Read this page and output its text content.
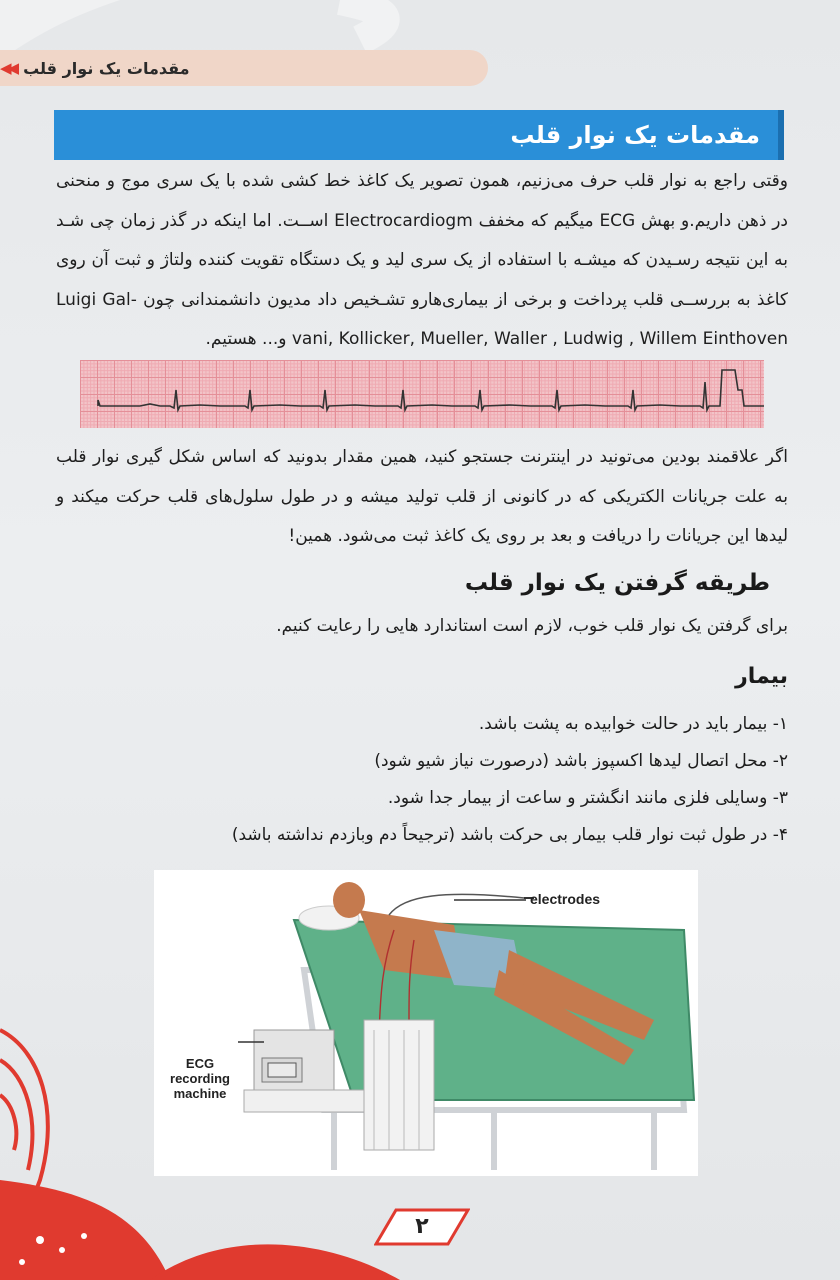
مقدمات یک نوار قلب
◀◀
مقدمات یک نوار قلب

وقتی راجع به نوار قلب حرف می‌زنیم، همون تصویر یک کاغذ خط کشی شده با یک سری موج و منحنی در ذهن داریم.و بهش ECG میگیم که مخفف Electrocardiogm اســت. اما اینکه در گذر زمان چی شـد به این نتیجه رسـیدن که میشـه با استفاده از یک سری لید و یک دستگاه تقویت کننده ولتاژ و ثبت آن روی کاغذ به بررســی قلب پرداخت و برخی از بیماری‌هارو تشـخیص داد مدیون دانشمندانی چون Luigi Gal-vani, Kollicker, Mueller, Waller , Ludwig , Willem Einthoven و... هستیم.

اگر علاقمند بودین می‌تونید در اینترنت جستجو کنید، همین مقدار بدونید که اساس شکل گیری نوار قلب به علت جریانات الکتریکی که در کانونی از قلب تولید میشه و در طول سلول‌های قلب حرکت میکند و لیدها این جریانات را دریافت و بعد بر روی یک کاغذ ثبت می‌شود. همین!

طریقه گرفتن یک نوار قلب

برای گرفتن یک نوار قلب خوب، لازم است استاندارد هایی را رعایت کنیم.

بیمار
۱- بیمار باید در حالت خوابیده به پشت باشد.
۲- محل اتصال لیدها اکسپوز باشد (درصورت نیاز شیو شود)
۳- وسایلی فلزی مانند انگشتر و ساعت از بیمار جدا شود.
۴- در طول ثبت نوار قلب بیمار بی حرکت باشد (ترجیحاً دم وبازدم نداشته باشد)
electrodes
ECG recording machine
۲
